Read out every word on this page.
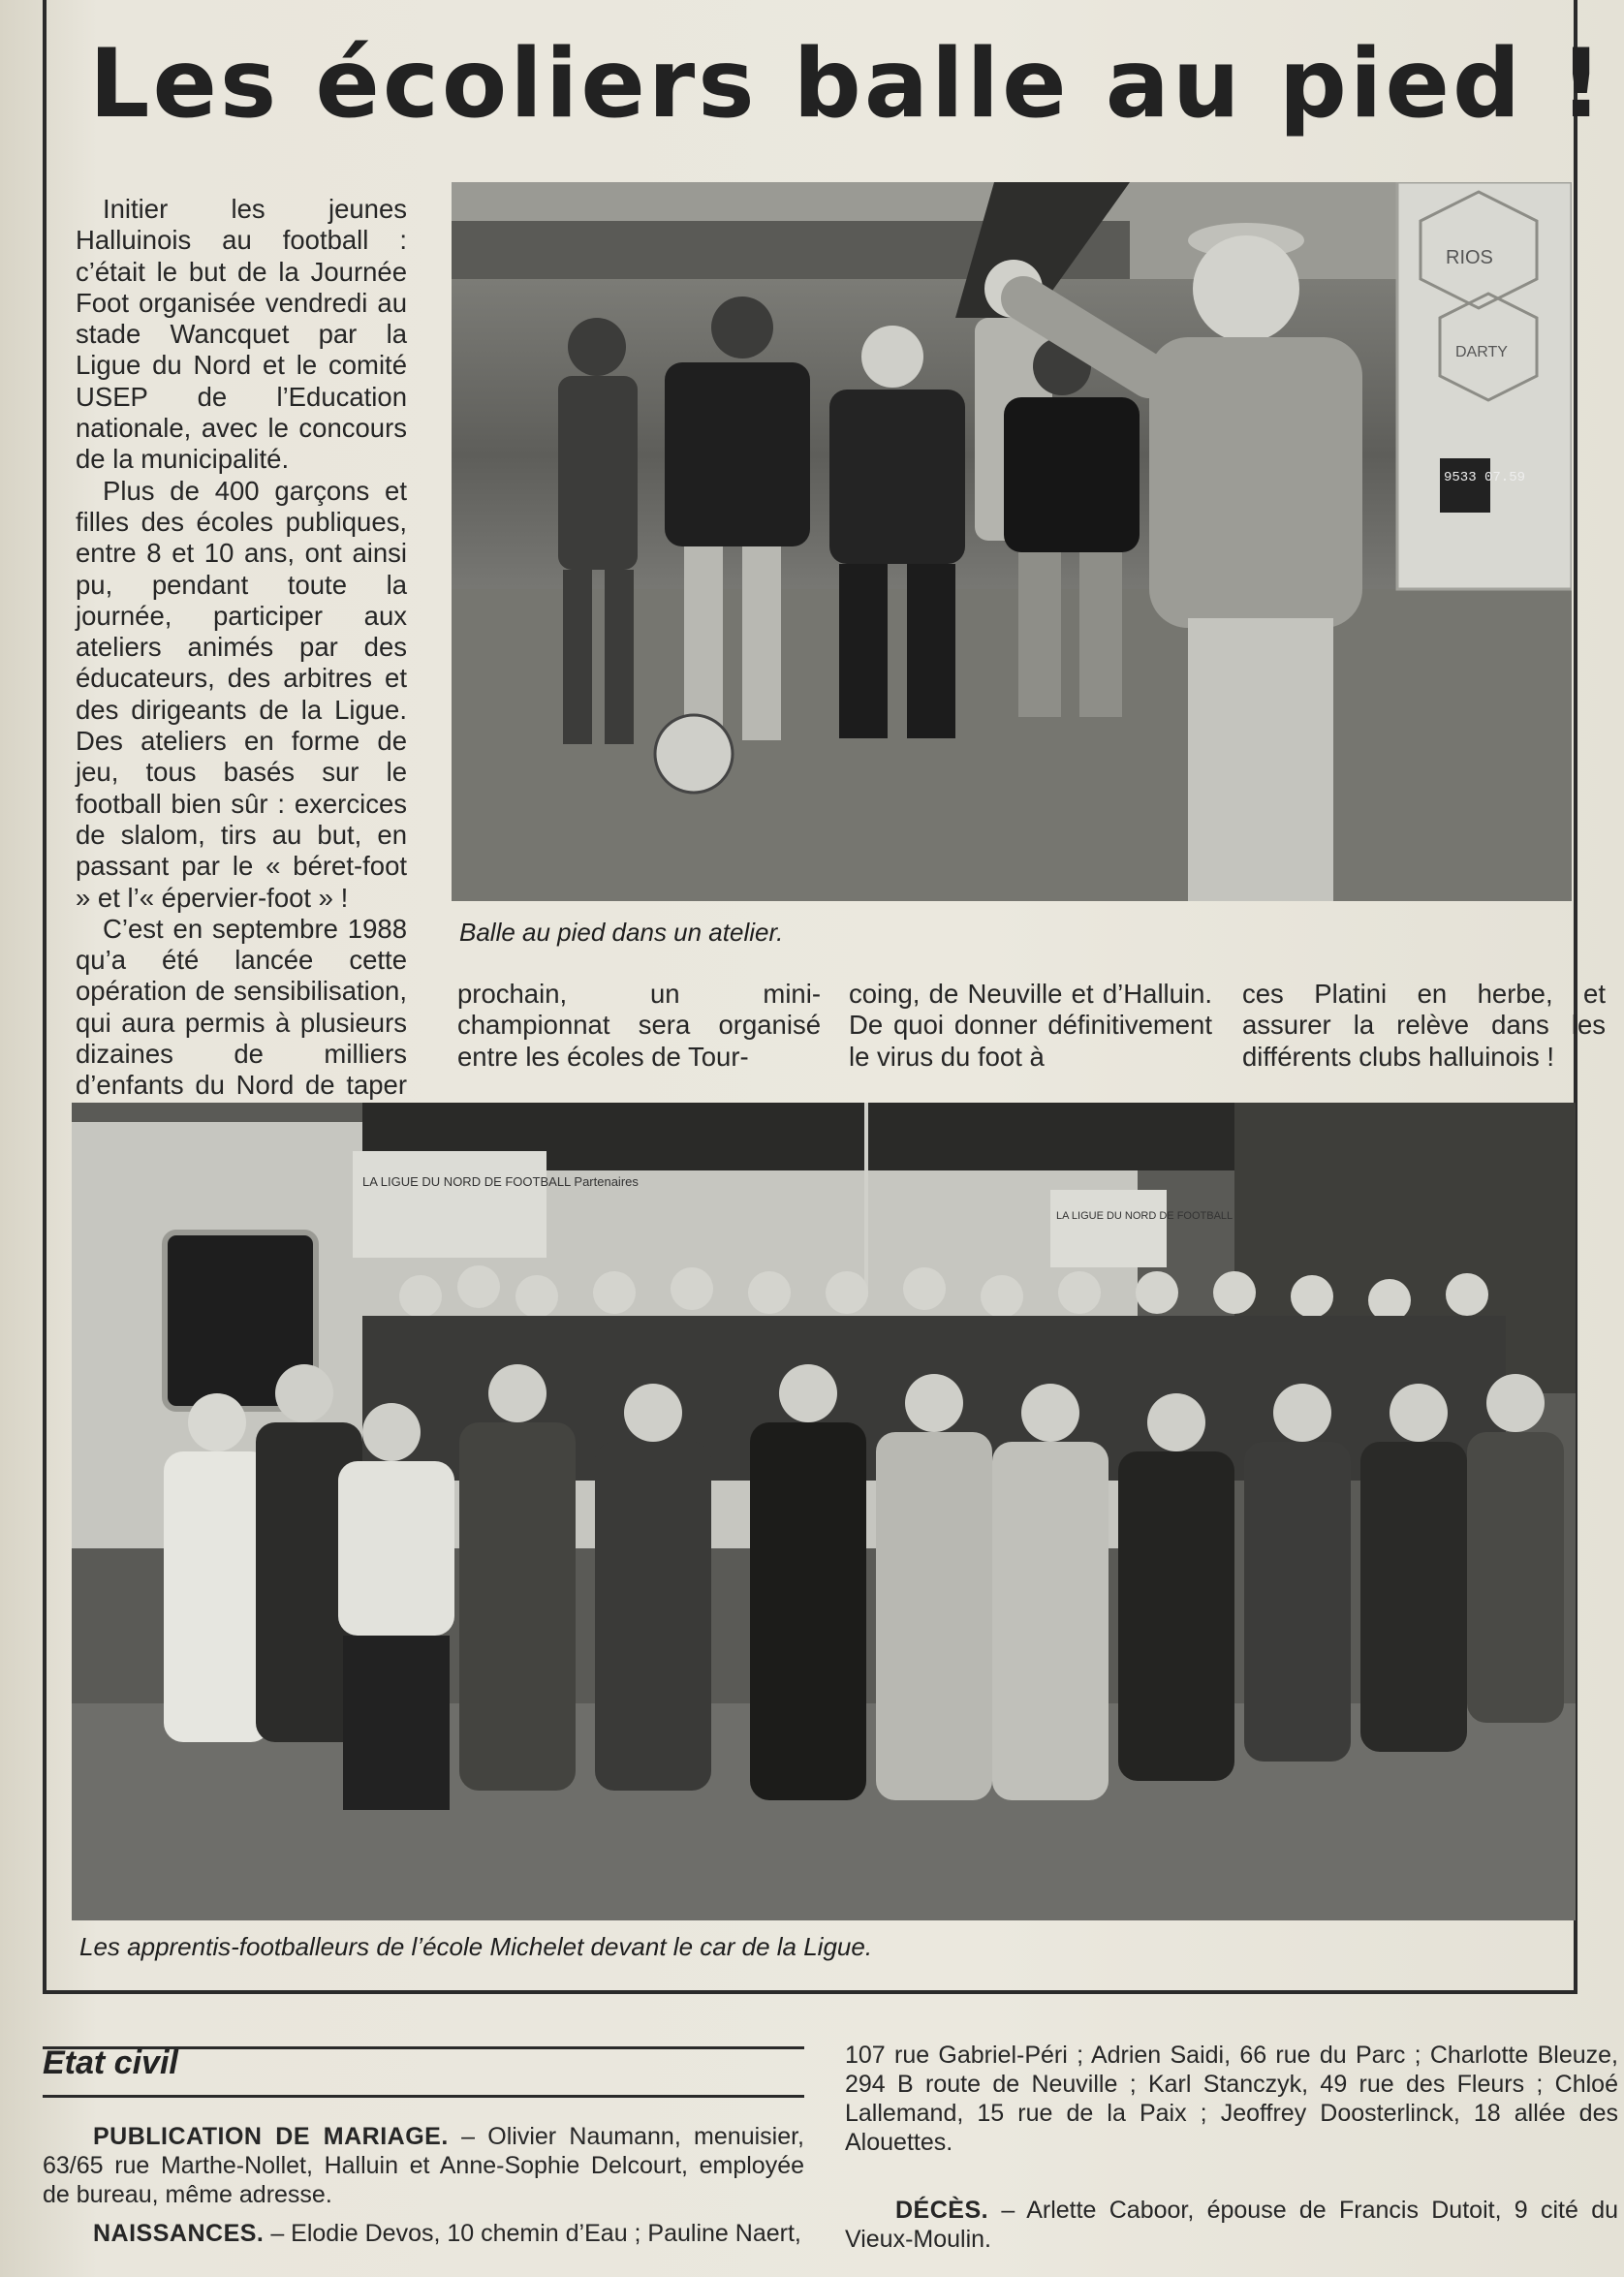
Les écoliers balle au pied !

Initier les jeunes Halluinois au football : c’était le but de la Journée Foot organisée vendredi au stade Wancquet par la Ligue du Nord et le comité USEP de l’Education nationale, avec le concours de la municipalité.

Plus de 400 garçons et filles des écoles publiques, entre 8 et 10 ans, ont ainsi pu, pendant toute la journée, participer aux ateliers animés par des éducateurs, des arbitres et des dirigeants de la Ligue. Des ateliers en forme de jeu, tous basés sur le football bien sûr : exercices de slalom, tirs au but, en passant par le « béret-foot » et l’« épervier-foot » !

C’est en septembre 1988 qu’a été lancée cette opération de sensibilisation, qui aura permis à plusieurs dizaines de milliers d’enfants du Nord de taper

RIOS
DARTY
9533 07.59
Balle au pied dans un atelier.
prochain, un mini-championnat sera organisé entre les écoles de Tour-
coing, de Neuville et d’Halluin. De quoi donner définitivement le virus du foot à
ces Platini en herbe, et assurer la relève dans les différents clubs halluinois !
LA LIGUE DU NORD DE FOOTBALL Partenaires
LA LIGUE DU NORD DE FOOTBALL
Les apprentis-footballeurs de l’école Michelet devant le car de la Ligue.
Etat civil

PUBLICATION DE MARIAGE. – Olivier Naumann, menuisier, 63/65 rue Marthe-Nollet, Halluin et Anne-Sophie Delcourt, employée de bureau, même adresse.

NAISSANCES. – Elodie Devos, 10 chemin d’Eau ; Pauline Naert,

107 rue Gabriel-Péri ; Adrien Saidi, 66 rue du Parc ; Charlotte Bleuze, 294 B route de Neuville ; Karl Stanczyk, 49 rue des Fleurs ; Chloé Lallemand, 15 rue de la Paix ; Jeoffrey Doosterlinck, 18 allée des Alouettes.

DÉCÈS. – Arlette Caboor, épouse de Francis Dutoit, 9 cité du Vieux-Moulin.
